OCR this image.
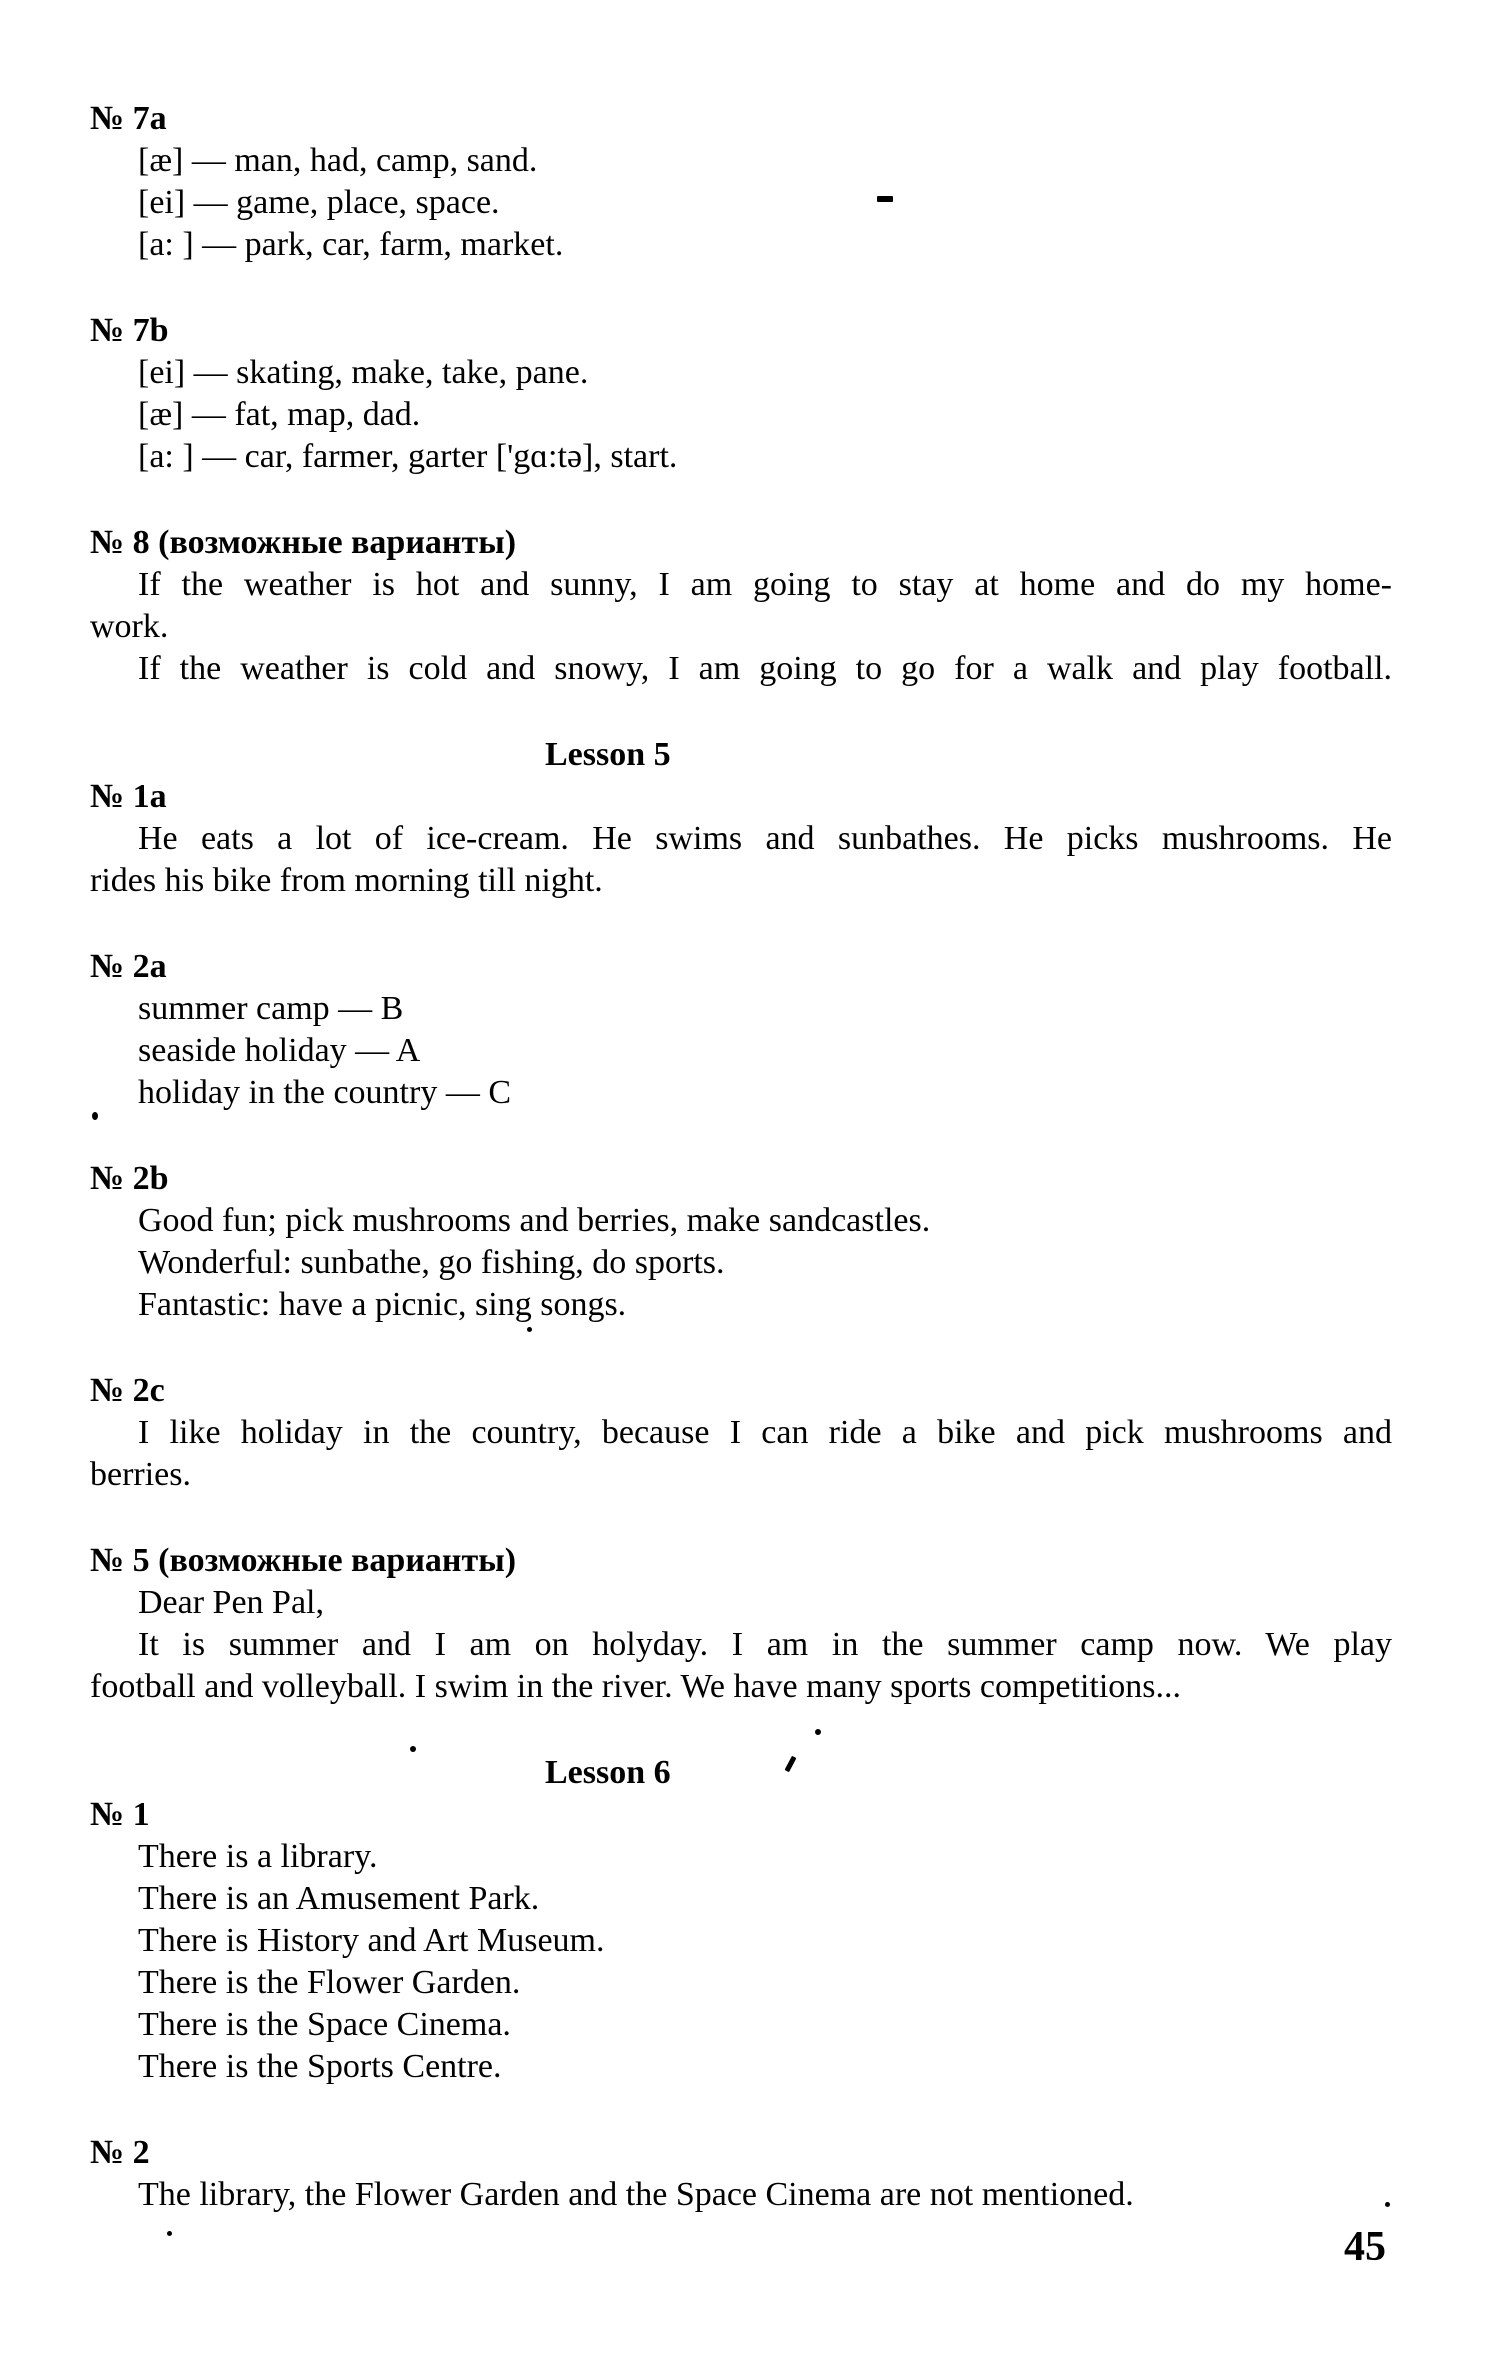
№ 7a
[æ] — man, had, camp, sand.
[ei] — game, place, space.
[a: ] — park, car, farm, market.
№ 7b
[ei] — skating, make, take, pane.
[æ] — fat, map, dad.
[a: ] — car, farmer, garter ['gɑ:tə], start.
№ 8 (возможные варианты)
If the weather is hot and sunny, I am going to stay at home and do my home-
work.
If the weather is cold and snowy, I am going to go for a walk and play football.
Lesson 5
№ 1a
He eats a lot of ice-cream. He swims and sunbathes. He picks mushrooms. He
rides his bike from morning till night.
№ 2a
summer camp — B
seaside holiday — A
holiday in the country — C
№ 2b
Good fun; pick mushrooms and berries, make sandcastles.
Wonderful: sunbathe, go fishing, do sports.
Fantastic: have a picnic, sing songs.
№ 2c
I like holiday in the country, because I can ride a bike and pick mushrooms and
berries.
№ 5 (возможные варианты)
Dear Pen Pal,
It is summer and I am on holyday. I am in the summer camp now. We play
football and volleyball. I swim in the river. We have many sports competitions...
Lesson 6
№ 1
There is a library.
There is an Amusement Park.
There is History and Art Museum.
There is the Flower Garden.
There is the Space Cinema.
There is the Sports Centre.
№ 2
The library, the Flower Garden and the Space Cinema are not mentioned.
45
